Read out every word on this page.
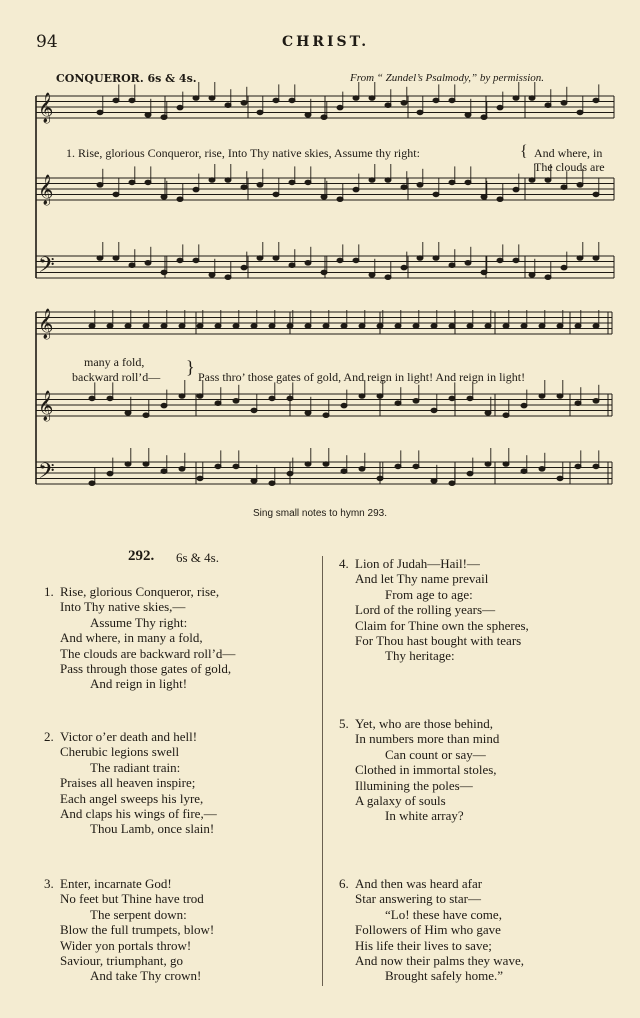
94	CHRIST.
CONQUEROR. 6s & 4s.	From “ Zundel’s Psalmody,” by permission.
𝄞
𝄞
𝄢
𝄞
𝄞
𝄢
1. Rise, glorious Conqueror, rise, Into Thy native skies, Assume thy right:	{ And where, in
The clouds are
many a fold,
backward roll’d— } Pass thro’ those gates of gold, And reign in light! And reign in light!
Sing small notes to hymn 293.
292. 6s & 4s.
1. Rise, glorious Conqueror, rise,
Into Thy native skies,—
Assume Thy right:
And where, in many a fold,
The clouds are backward roll’d—
Pass through those gates of gold,
And reign in light!
2. Victor o’er death and hell!
Cherubic legions swell
The radiant train:
Praises all heaven inspire;
Each angel sweeps his lyre,
And claps his wings of fire,—
Thou Lamb, once slain!
3. Enter, incarnate God!
No feet but Thine have trod
The serpent down:
Blow the full trumpets, blow!
Wider yon portals throw!
Saviour, triumphant, go
And take Thy crown!
4. Lion of Judah—Hail!—
And let Thy name prevail
From age to age:
Lord of the rolling years—
Claim for Thine own the spheres,
For Thou hast bought with tears
Thy heritage:
5. Yet, who are those behind,
In numbers more than mind
Can count or say—
Clothed in immortal stoles,
Illumining the poles—
A galaxy of souls
In white array?
6. And then was heard afar
Star answering to star—
“Lo! these have come,
Followers of Him who gave
His life their lives to save;
And now their palms they wave,
Brought safely home.”
